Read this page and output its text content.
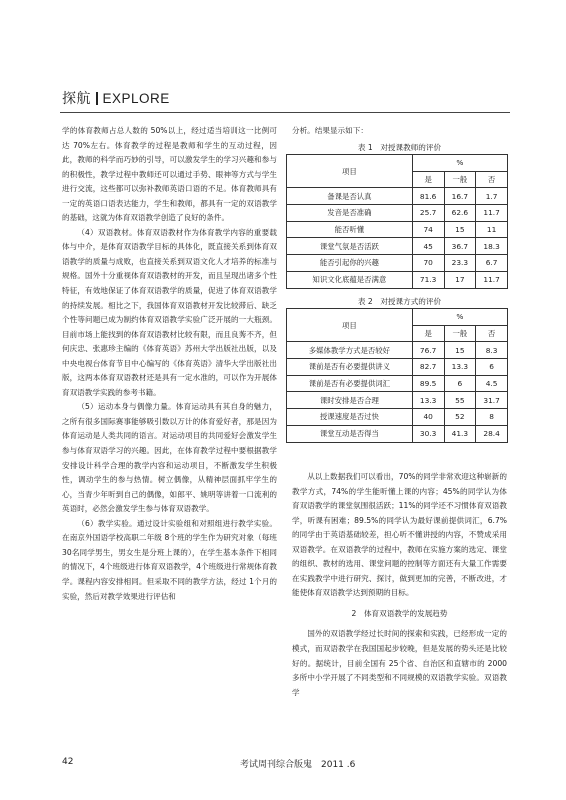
探航 EXPLORE

学的体育教师占总人数的 50%以上，经过适当培训这一比例可达 70%左右。体育教学的过程是教师和学生的互动过程，因此，教师的科学而巧妙的引导，可以激发学生的学习兴趣和参与的积极性，教学过程中教师还可以通过手势、眼神等方式与学生进行交流，这些都可以弥补教师英语口语的不足。体育教师具有一定的英语口语表达能力，学生和教师，都具有一定的双语教学的基础，这就为体育双语教学创造了良好的条件。

（4）双语教材。体育双语教材作为体育教学内容的重要载体与中介，是体育双语教学目标的具体化，既直接关系到体育双语教学的质量与成败，也直接关系到双语文化人才培养的标准与规格。国外十分重视体育双语教材的开发，而且呈现出诸多个性特征，有效地保证了体育双语教学的质量，促进了体育双语教学的持续发展。相比之下，我国体育双语教材开发比较滞后、缺乏个性等问题已成为制约体育双语教学实验广泛开展的一大瓶颈。目前市场上能找到的体育双语教材比较有限，而且良莠不齐，但何庆忠、张惠珍主编的《体育英语》苏州大学出版社出版，以及中央电视台体育节目中心编写的《体育英语》清华大学出版社出版，这两本体育双语教材还是具有一定水准的，可以作为开展体育双语教学实践的参考书籍。

（5）运动本身与偶像力量。体育运动具有其自身的魅力，之所有很多国际赛事能够吸引数以万计的体育爱好者，那是因为体育运动是人类共同的语言。对运动项目的共同爱好会激发学生参与体育双语学习的兴趣。因此，在体育教学过程中要根据教学安排设计科学合理的教学内容和运动项目，不断激发学生积极性，调动学生的参与热情。树立偶像，从精神层面抓牢学生的心，当青少年听到自己的偶像，如郎平、姚明等讲着一口流利的英语时，必然会激发学生参与体育双语教学。

（6）教学实验。通过设计实验组和对照组进行教学实验。在南京外国语学校高职二年级 8个班的学生作为研究对象（每班 30名同学男生，男女生是分班上课的），在学生基本条件下相同的情况下，4个班级进行体育双语教学，4个班级进行常规体育教学。课程内容安排相同。但采取不同的教学方法，经过 1个月的实验，然后对教学效果进行评估和

分析。结果显示如下：

表 1　对授课教师的评价
项目	%		
	是	一般	否
备课是否认真	81.6	16.7	1.7
发音是否准确	25.7	62.6	11.7
能否听懂	74	15	11
课堂气氛是否活跃	45	36.7	18.3
能否引起你的兴趣	70	23.3	6.7
知识文化底蕴是否满意	71.3	17	11.7
表 2　对授课方式的评价
项目	%		
	是	一般	否
多媒体教学方式是否较好	76.7	15	8.3
课前是否有必要提供讲义	82.7	13.3	6
课前是否有必要提供词汇	89.5	6	4.5
课时安排是否合理	13.3	55	31.7
授课速度是否过快	40	52	8
课堂互动是否得当	30.3	41.3	28.4

从以上数据我们可以看出，70%的同学非常欢迎这种崭新的教学方式，74%的学生能听懂上课的内容；45%的同学认为体育双语教学的课堂氛围很活跃；11%的同学还不习惯体育双语教学，听课有困难；89.5%的同学认为最好课前提供词汇，6.7%的同学由于英语基础较差，担心听不懂讲授的内容，不赞成采用双语教学。在双语教学的过程中，教师在实施方案的选定、课堂的组织、教材的选用、课堂问题的控制等方面还有大量工作需要在实践教学中进行研究、探讨，做到更加的完善，不断改进，才能使体育双语教学达到预期的目标。

2　体育双语教学的发展趋势

国外的双语教学经过长时间的探索和实践，已经形成一定的模式，而双语教学在我国国起步较晚，但是发展的势头还是比较好的。据统计，目前全国有 25个省、自治区和直辖市的 2000多所中小学开展了不同类型和不同规模的双语教学实验。双语教学

42	考试周刊综合版鬼　2011 .6
